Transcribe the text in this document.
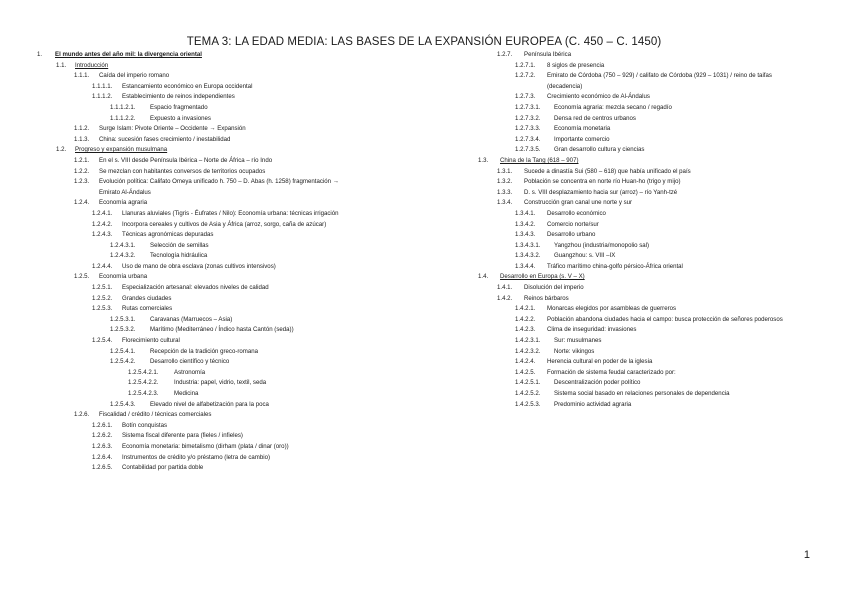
TEMA 3: LA EDAD MEDIA: LAS BASES DE LA EXPANSIÓN EUROPEA (C. 450 – C. 1450)
1. El mundo antes del año mil: la divergencia oriental
1.1. Introducción
1.1.1. Caída del imperio romano
1.1.1.1. Estancamiento económico en Europa occidental
1.1.1.2. Establecimiento de reinos independientes
1.1.1.2.1. Espacio fragmentado
1.1.1.2.2. Expuesto a invasiones
1.1.2. Surge Islam: Pivote Oriente – Occidente → Expansión
1.1.3. China: sucesión fases crecimiento / inestabilidad
1.2. Progreso y expansión musulmana
1.2.1. En el s. VIII desde Península Ibérica – Norte de África – río Indo
1.2.2. Se mezclan con habitantes conversos de territorios ocupados
1.2.3. Evolución política: Califato Omeya unificado h. 750 – D. Abas (h. 1258) fragmentación →
Emirato Al-Ándalus
1.2.4. Economía agraria
1.2.4.1. Llanuras aluviales (Tigris - Éufrates / Nilo): Economía urbana: técnicas irrigación
1.2.4.2. Incorpora cereales y cultivos de Asia y África (arroz, sorgo, caña de azúcar)
1.2.4.3. Técnicas agronómicas depuradas
1.2.4.3.1. Selección de semillas
1.2.4.3.2. Tecnología hidráulica
1.2.4.4. Uso de mano de obra esclava (zonas cultivos intensivos)
1.2.5. Economía urbana
1.2.5.1. Especialización artesanal: elevados niveles de calidad
1.2.5.2. Grandes ciudades
1.2.5.3. Rutas comerciales
1.2.5.3.1. Caravanas (Marruecos – Asia)
1.2.5.3.2. Marítimo (Mediterráneo / Índico hasta Cantón (seda))
1.2.5.4. Florecimiento cultural
1.2.5.4.1. Recepción de la tradición greco-romana
1.2.5.4.2. Desarrollo científico y técnico
1.2.5.4.2.1.	Astronomía
1.2.5.4.2.2.	Industria: papel, vidrio, textil, seda
1.2.5.4.2.3.	Medicina
1.2.5.4.3. Elevado nivel de alfabetización para la poca
1.2.6. Fiscalidad / crédito / técnicas comerciales
1.2.6.1. Botín conquistas
1.2.6.2. Sistema fiscal diferente para (fieles / infieles)
1.2.6.3. Economía monetaria: bimetalismo (dirham (plata / dinar (oro))
1.2.6.4. Instrumentos de crédito y/o préstamo (letra de cambio)
1.2.6.5. Contabilidad por partida doble
1.2.7. Península Ibérica
1.2.7.1. 8 siglos de presencia
1.2.7.2. Emirato de Córdoba (750 – 929) / califato de Córdoba (929 – 1031) / reino de taifas
(decadencia)
1.2.7.3. Crecimiento económico de Al-Ándalus
1.2.7.3.1. Economía agraria: mezcla secano / regadío
1.2.7.3.2. Densa red de centros urbanos
1.2.7.3.3. Economía monetaria
1.2.7.3.4. Importante comercio
1.2.7.3.5. Gran desarrollo cultura y ciencias
1.3. China de la Tang (618 – 907)
1.3.1. Sucede a dinastía Sui (580 – 618) que había unificado el país
1.3.2. Población se concentra en norte río Huan-ho (trigo y mijo)
1.3.3. D. s. VIII desplazamiento hacia sur (arroz) – río Yanh-tzé
1.3.4. Construcción gran canal une norte y sur
1.3.4.1. Desarrollo económico
1.3.4.2. Comercio norte/sur
1.3.4.3. Desarrollo urbano
1.3.4.3.1. Yangzhou (industria/monopolio sal)
1.3.4.3.2. Guangzhou: s. VIII –IX
1.3.4.4. Tráfico marítimo china-golfo pérsico-África oriental
1.4. Desarrollo en Europa (s. V – X)
1.4.1. Disolución del imperio
1.4.2. Reinos bárbaros
1.4.2.1. Monarcas elegidos por asambleas de guerreros
1.4.2.2. Población abandona ciudades hacia el campo: busca protección de señores poderosos
1.4.2.3. Clima de inseguridad: invasiones
1.4.2.3.1. Sur: musulmanes
1.4.2.3.2. Norte: vikingos
1.4.2.4. Herencia cultural en poder de la iglesia
1.4.2.5. Formación de sistema feudal caracterizado por:
1.4.2.5.1. Descentralización poder político
1.4.2.5.2. Sistema social basado en relaciones personales de dependencia
1.4.2.5.3. Predominio actividad agraria
1
